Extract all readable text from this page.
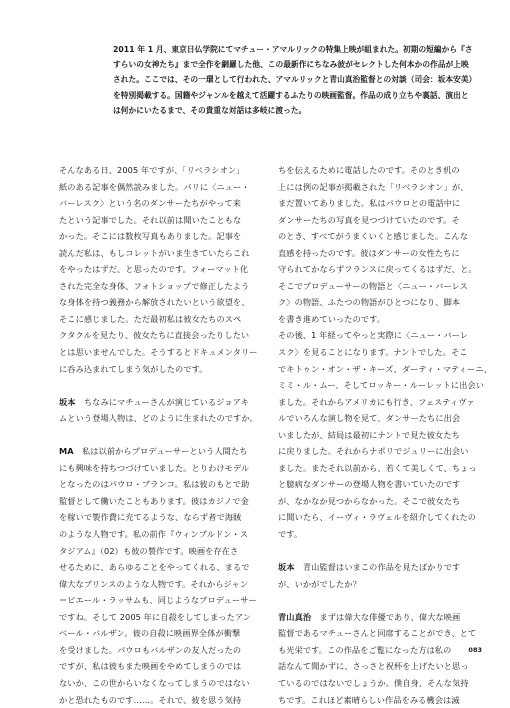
2011 年 1 月、東京日仏学院にてマチュー・アマルリックの特集上映が組まれた。初期の短編から『さ

すらいの女神たち』まで全作を網羅した他、この最新作にちなみ彼がセレクトした何本かの作品が上映

された。ここでは、その一環として行われた、アマルリックと青山真治監督との対談（司会：坂本安美）

を特別掲載する。国籍やジャンルを越えて活躍するふたりの映画監督。作品の成り立ちや裏話、演出と

は何かにいたるまで、その貴重な対話は多岐に渡った。

そんなある日、2005 年ですが、「リベラシオン」

紙のある記事を偶然読みました。パリに〈ニュー・

バーレスク〉という名のダンサーたちがやって来

たという記事でした。それ以前は聞いたこともな

かった。そこには数枚写真もありました。記事を

読んだ私は、もしコレットがいま生きていたらこれ

をやったはずだ、と思ったのです。フォーマット化

された完全な身体、フォトショップで修正したよう

な身体を持つ義務から解放されたいという欲望を、

そこに感じました。ただ最初私は彼女たちのスペ

クタクルを見たり、彼女たちに直接会ったりしたい

とは思いませんでした。そうするとドキュメンタリー

に呑み込まれてしまう気がしたのです。

坂本　 ちなみにマチューさんが演じているジョアキ

ムという登場人物は、どのように生まれたのですか。

MA　 私は以前からプロデューサーという人間たち

にも興味を持ちつづけていました。とりわけモデル

となったのはパウロ・ブランコ。私は彼のもとで助

監督として働いたこともあります。彼はカジノで金

を稼いで製作費に充てるような、ならず者で海賊

のような人物です。私の前作『ウィンブルドン・ス

タジアム』（02）も彼の製作です。映画を存在さ

せるために、あらゆることをやってくれる、まるで

偉大なプリンスのような人物です。それからジャン

＝ピエール・ラッサムも、同じようなプロデューサー

ですね。そして 2005 年に自殺をしてしまったアン

ベール・バルザン。彼の自殺に映画界全体が衝撃

を受けました。パウロもバルザンの友人だったの

ですが、私は彼もまた映画をやめてしまうのでは

ないか、この世からいなくなってしまうのではない

かと恐れたものです……。それで、彼を思う気持

ちを伝えるために電話したのです。そのとき机の

上には例の記事が掲載された「リベラシオン」が、

まだ置いてありました。私はパウロとの電話中に

ダンサーたちの写真を見つづけていたのです。そ

のとき、すべてがうまくいくと感じました。こんな

直感を持ったのです。彼はダンサーの女性たちに

守られてかならずフランスに戻ってくるはずだ、と。

そこでプロデューサーの物語と〈ニュー・バーレス

ク〉の物語、ふたつの物語がひとつになり、脚本

を書き進めていったのです。

その後、1 年経ってやっと実際に〈ニュー・バーレ

スク〉を見ることになります。ナントでした。そこ

でキトゥン・オン・ザ・キーズ、ダーティ・マティーニ、

ミミ・ル・ムー、そしてロッキー・ルーレットに出会い

ました。それからアメリカにも行き、フェスティヴァ

ルでいろんな演し物を見て、ダンサーたちに出会

いましたが、結局は最初にナントで見た彼女たち

に戻りました。それからナポリでジュリーに出会い

ました。またそれ以前から、若くて美しくて、ちょっ

と臆病なダンサーの登場人物を書いていたのです

が、なかなか見つからなかった。そこで彼女たち

に聞いたら、イーヴィ・ラヴェルを紹介してくれたの

です。

坂本　 青山監督はいまこの作品を見たばかりです

が、いかがでしたか？

青山真治　 まずは偉大な俳優であり、偉大な映画

監督であるマチューさんと同席することができ、とて

も光栄です。この作品をご覧になった方は私の

話なんて聞かずに、さっさと祝杯を上げたいと思っ

ているのではないでしょうか。僕自身、そんな気持

ちです。これほど素晴らしい作品をみる機会は滅

083
